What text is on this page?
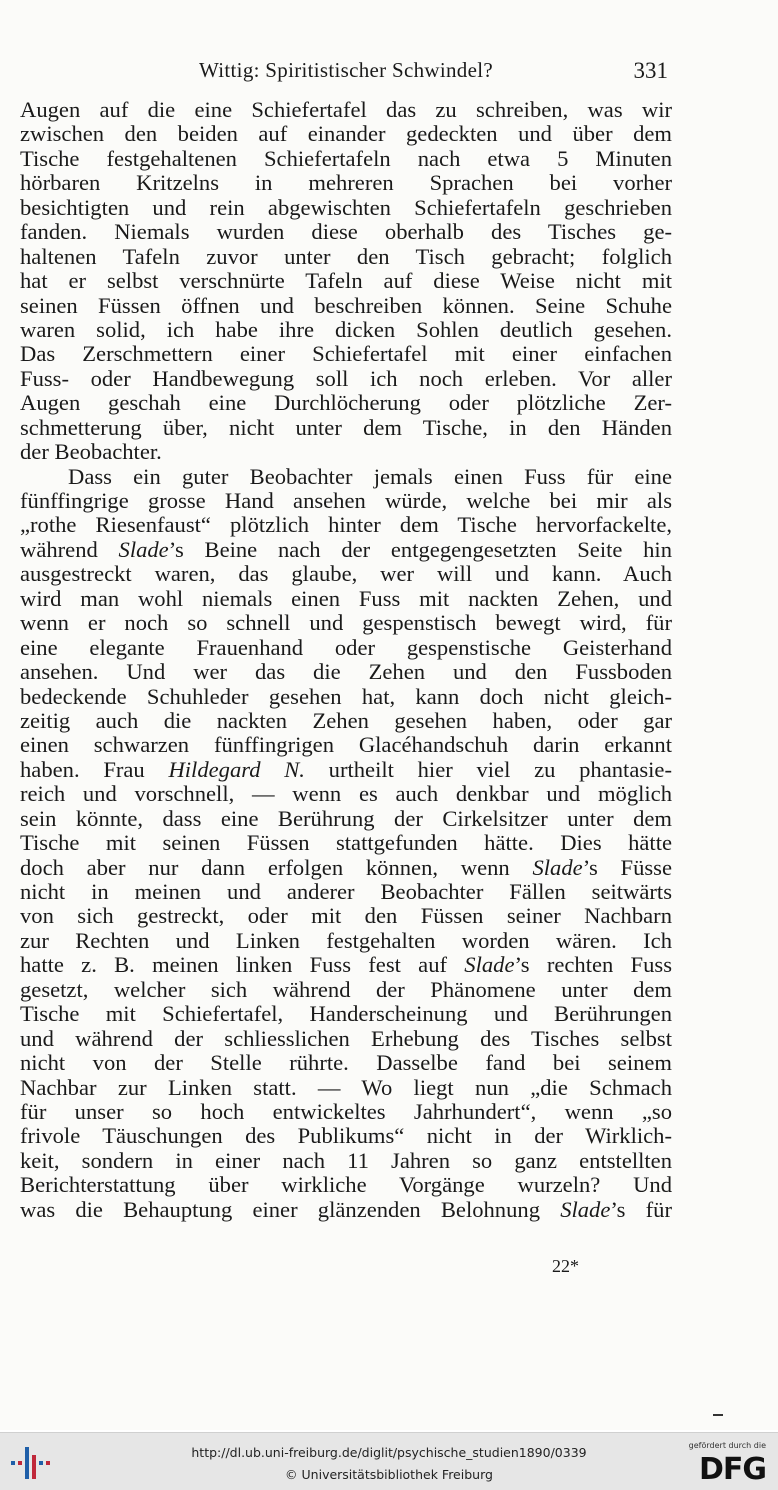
Wittig: Spiritistischer Schwindel?	331
Augen auf die eine Schiefertafel das zu schreiben, was wir
zwischen den beiden auf einander gedeckten und über dem
Tische festgehaltenen Schiefertafeln nach etwa 5 Minuten
hörbaren Kritzelns in mehreren Sprachen bei vorher
besichtigten und rein abgewischten Schiefertafeln geschrieben
fanden. Niemals wurden diese oberhalb des Tisches ge-
haltenen Tafeln zuvor unter den Tisch gebracht; folglich
hat er selbst verschnürte Tafeln auf diese Weise nicht mit
seinen Füssen öffnen und beschreiben können. Seine Schuhe
waren solid, ich habe ihre dicken Sohlen deutlich gesehen.
Das Zerschmettern einer Schiefertafel mit einer einfachen
Fuss- oder Handbewegung soll ich noch erleben. Vor aller
Augen geschah eine Durchlöcherung oder plötzliche Zer-
schmetterung über, nicht unter dem Tische, in den Händen
der Beobachter.
Dass ein guter Beobachter jemals einen Fuss für eine
fünffingrige grosse Hand ansehen würde, welche bei mir als
„rothe Riesenfaust“ plötzlich hinter dem Tische hervorfackelte,
während Slade’s Beine nach der entgegengesetzten Seite hin
ausgestreckt waren, das glaube, wer will und kann. Auch
wird man wohl niemals einen Fuss mit nackten Zehen, und
wenn er noch so schnell und gespenstisch bewegt wird, für
eine elegante Frauenhand oder gespenstische Geisterhand
ansehen. Und wer das die Zehen und den Fussboden
bedeckende Schuhleder gesehen hat, kann doch nicht gleich-
zeitig auch die nackten Zehen gesehen haben, oder gar
einen schwarzen fünffingrigen Glacéhandschuh darin erkannt
haben. Frau Hildegard N. urtheilt hier viel zu phantasie-
reich und vorschnell, — wenn es auch denkbar und möglich
sein könnte, dass eine Berührung der Cirkelsitzer unter dem
Tische mit seinen Füssen stattgefunden hätte. Dies hätte
doch aber nur dann erfolgen können, wenn Slade’s Füsse
nicht in meinen und anderer Beobachter Fällen seitwärts
von sich gestreckt, oder mit den Füssen seiner Nachbarn
zur Rechten und Linken festgehalten worden wären. Ich
hatte z. B. meinen linken Fuss fest auf Slade’s rechten Fuss
gesetzt, welcher sich während der Phänomene unter dem
Tische mit Schiefertafel, Handerscheinung und Berührungen
und während der schliesslichen Erhebung des Tisches selbst
nicht von der Stelle rührte. Dasselbe fand bei seinem
Nachbar zur Linken statt. — Wo liegt nun „die Schmach
für unser so hoch entwickeltes Jahrhundert“, wenn „so
frivole Täuschungen des Publikums“ nicht in der Wirklich-
keit, sondern in einer nach 11 Jahren so ganz entstellten
Berichterstattung über wirkliche Vorgänge wurzeln? Und
was die Behauptung einer glänzenden Belohnung Slade’s für
22*
http://dl.ub.uni-freiburg.de/diglit/psychische_studien1890/0339
© Universitätsbibliothek Freiburg
gefördert durch die
DFG
